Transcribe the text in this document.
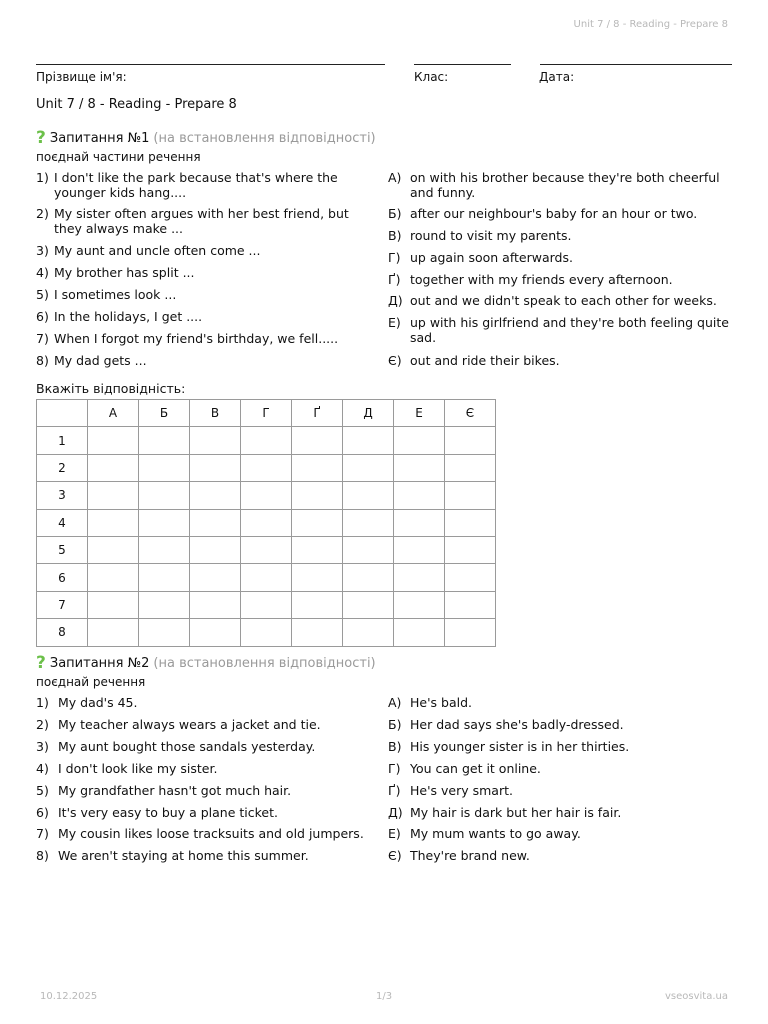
Unit 7 / 8 - Reading - Prepare 8
Прізвище ім'я:	Клас:	Дата:
Unit 7 / 8 - Reading - Prepare 8
? Запитання №1 (на встановлення відповідності)
поєднай частини речення
1) I don't like the park because that's where the younger kids hang....
2) My sister often argues with her best friend, but they always make ...
3) My aunt and uncle often come ...
4) My brother has split ...
5) I sometimes look ...
6) In the holidays, I get ....
7) When I forgot my friend's birthday, we fell.....
8) My dad gets ...
А) on with his brother because they're both cheerful and funny.
Б) after our neighbour's baby for an hour or two.
В) round to visit my parents.
Г) up again soon afterwards.
Ґ) together with my friends every afternoon.
Д) out and we didn't speak to each other for weeks.
Е) up with his girlfriend and they're both feeling quite sad.
Є) out and ride their bikes.
Вкажіть відповідність:
	А	Б	В	Г	Ґ	Д	Е	Є
1								
2								
3								
4								
5								
6								
7								
8								
? Запитання №2 (на встановлення відповідності)
поєднай речення
1) My dad's 45.
2) My teacher always wears a jacket and tie.
3) My aunt bought those sandals yesterday.
4) I don't look like my sister.
5) My grandfather hasn't got much hair.
6) It's very easy to buy a plane ticket.
7) My cousin likes loose tracksuits and old jumpers.
8) We aren't staying at home this summer.
А) He's bald.
Б) Her dad says she's badly-dressed.
В) His younger sister is in her thirties.
Г) You can get it online.
Ґ) He's very smart.
Д) My hair is dark but her hair is fair.
Е) My mum wants to go away.
Є) They're brand new.
10.12.2025	1/3	vseosvita.ua
